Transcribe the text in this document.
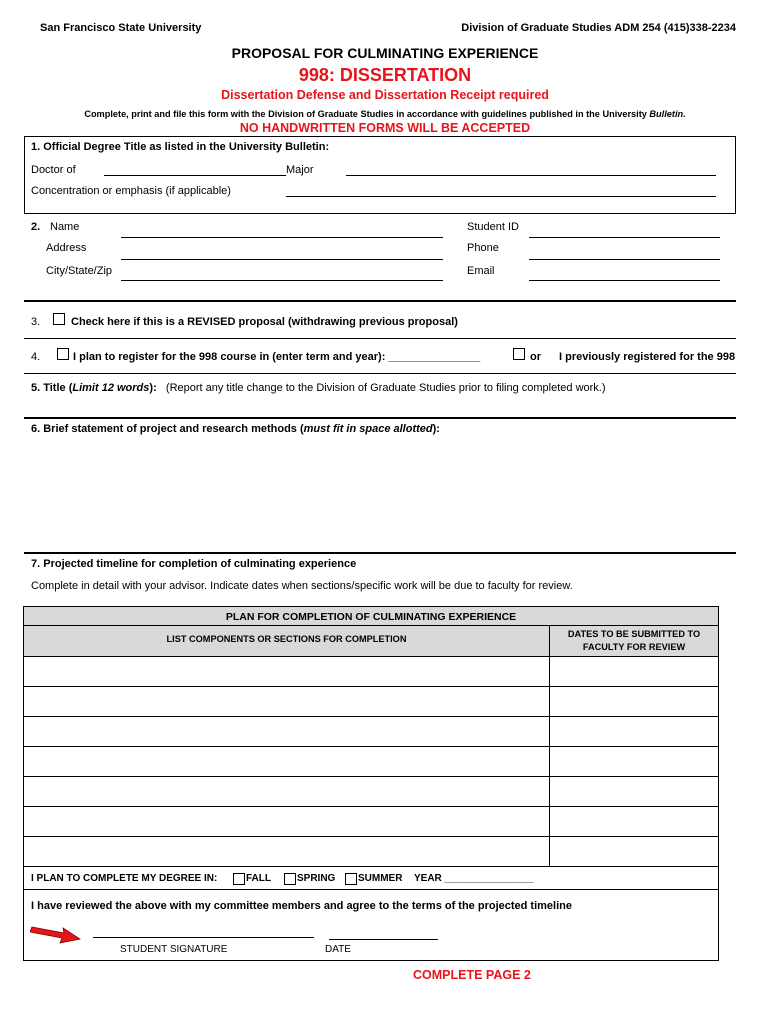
San Francisco State University	Division of Graduate Studies ADM 254 (415)338-2234
PROPOSAL FOR CULMINATING EXPERIENCE
998: DISSERTATION
Dissertation Defense and Dissertation Receipt required
Complete, print and file this form with the Division of Graduate Studies in accordance with guidelines published in the University Bulletin.
NO HANDWRITTEN FORMS WILL BE ACCEPTED
1. Official Degree Title as listed in the University Bulletin:
Doctor of	Major
Concentration or emphasis (if applicable)
2. Name	Student ID
Address	Phone
City/State/Zip	Email
3.	Check here if this is a REVISED proposal (withdrawing previous proposal)
4.	I plan to register for the 998 course in (enter term and year): _______________	or I previously registered for the 998
5. Title (Limit 12 words): (Report any title change to the Division of Graduate Studies prior to filing completed work.)
6. Brief statement of project and research methods (must fit in space allotted):
7. Projected timeline for completion of culminating experience
Complete in detail with your advisor. Indicate dates when sections/specific work will be due to faculty for review.
PLAN FOR COMPLETION OF CULMINATING EXPERIENCE
LIST COMPONENTS OR SECTIONS FOR COMPLETION	DATES TO BE SUBMITTED TO
FACULTY FOR REVIEW
I PLAN TO COMPLETE MY DEGREE IN:	FALL	SPRING SUMMER YEAR ________________
I have reviewed the above with my committee members and agree to the terms of the projected timeline
STUDENT SIGNATURE	DATE
COMPLETE PAGE 2
